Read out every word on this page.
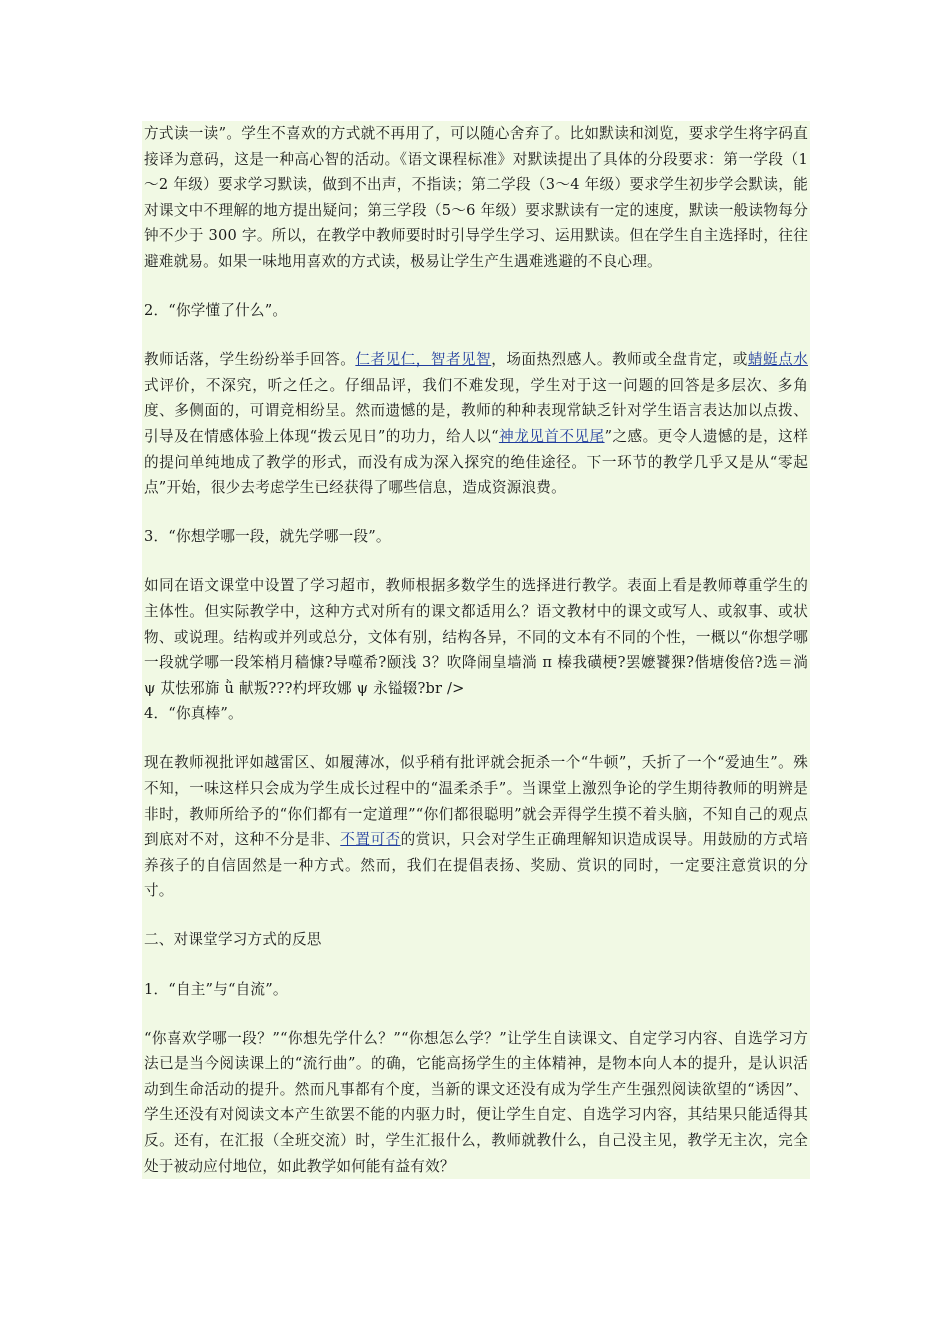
方式读一读”。学生不喜欢的方式就不再用了，可以随心舍弃了。比如默读和浏览，要求学生将字码直接译为意码，这是一种高心智的活动。《语文课程标准》对默读提出了具体的分段要求：第一学段（1～2 年级）要求学习默读，做到不出声，不指读；第二学段（3～4 年级）要求学生初步学会默读，能对课文中不理解的地方提出疑问；第三学段（5～6 年级）要求默读有一定的速度，默读一般读物每分钟不少于 300 字。所以，在教学中教师要时时引导学生学习、运用默读。但在学生自主选择时，往往避难就易。如果一味地用喜欢的方式读，极易让学生产生遇难逃避的不良心理。

2．“你学懂了什么”。

教师话落，学生纷纷举手回答。仁者见仁，智者见智，场面热烈感人。教师或全盘肯定，或蜻蜓点水式评价，不深究，听之任之。仔细品评，我们不难发现，学生对于这一问题的回答是多层次、多角度、多侧面的，可谓竞相纷呈。然而遗憾的是，教师的种种表现常缺乏针对学生语言表达加以点拨、引导及在情感体验上体现“拨云见日”的功力，给人以“神龙见首不见尾”之感。更令人遗憾的是，这样的提问单纯地成了教学的形式，而没有成为深入探究的绝佳途径。下一环节的教学几乎又是从“零起点”开始，很少去考虑学生已经获得了哪些信息，造成资源浪费。

3．“你想学哪一段，就先学哪一段”。

如同在语文课堂中设置了学习超市，教师根据多数学生的选择进行教学。表面上看是教师尊重学生的主体性。但实际教学中，这种方式对所有的课文都适用么？语文教材中的课文或写人、或叙事、或状物、或说理。结构或并列或总分，文体有别，结构各异，不同的文本有不同的个性，一概以“你想学哪一段就学哪一段笨梢月穑慷?导噬希?颐浅 3？吹降闹皇墙淌 π 榛我磺梗?罢嬷饕猓?偕塘俊倍?选＝淌 ψ 苁怯邪旆 ǜ 献叛???杓坪玫娜 ψ 永镒辍?br />

4．“你真棒”。

现在教师视批评如越雷区、如履薄冰，似乎稍有批评就会扼杀一个“牛顿”，夭折了一个“爱迪生”。殊不知，一味这样只会成为学生成长过程中的“温柔杀手”。当课堂上激烈争论的学生期待教师的明辨是非时，教师所给予的“你们都有一定道理”“你们都很聪明”就会弄得学生摸不着头脑，不知自己的观点到底对不对，这种不分是非、不置可否的赏识，只会对学生正确理解知识造成误导。用鼓励的方式培养孩子的自信固然是一种方式。然而，我们在提倡表扬、奖励、赏识的同时，一定要注意赏识的分寸。

二、对课堂学习方式的反思

1．“自主”与“自流”。

“你喜欢学哪一段？”“你想先学什么？”“你想怎么学？”让学生自读课文、自定学习内容、自选学习方法已是当今阅读课上的“流行曲”。的确，它能高扬学生的主体精神，是物本向人本的提升，是认识活动到生命活动的提升。然而凡事都有个度，当新的课文还没有成为学生产生强烈阅读欲望的“诱因”、学生还没有对阅读文本产生欲罢不能的内驱力时，便让学生自定、自选学习内容，其结果只能适得其反。还有，在汇报（全班交流）时，学生汇报什么，教师就教什么，自己没主见，教学无主次，完全处于被动应付地位，如此教学如何能有益有效？
